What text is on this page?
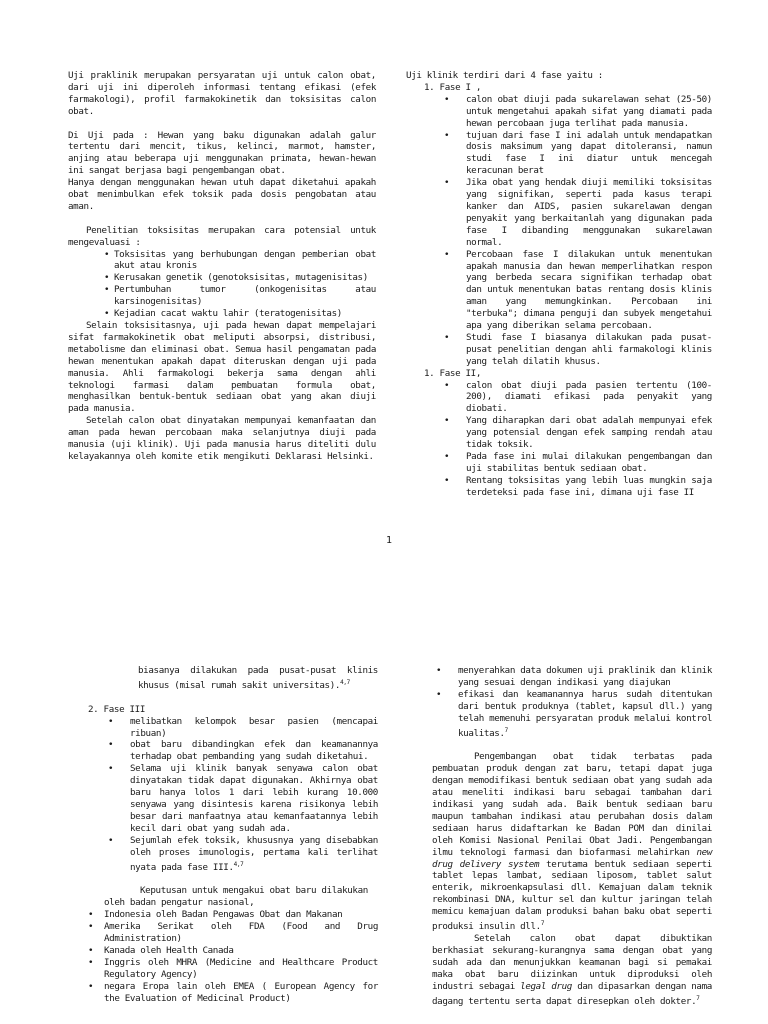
Uji praklinik merupakan persyaratan uji untuk calon obat, dari uji ini diperoleh informasi tentang efikasi (efek farmakologi), profil farmakokinetik dan toksisitas calon obat.

Di Uji pada : Hewan yang baku digunakan adalah galur tertentu dari mencit, tikus, kelinci, marmot, hamster, anjing atau beberapa uji menggunakan primata, hewan-hewan ini sangat berjasa bagi pengembangan obat.

Hanya dengan menggunakan hewan utuh dapat diketahui apakah obat menimbulkan efek toksik pada dosis pengobatan atau aman.

Penelitian toksisitas merupakan cara potensial untuk mengevaluasi :

• Toksisitas yang berhubungan dengan pemberian obat akut atau kronis
• Kerusakan genetik (genotoksisitas, mutagenisitas)
• Pertumbuhan tumor (onkogenisitas atau karsinogenisitas)
• Kejadian cacat waktu lahir (teratogenisitas)

Selain toksisitasnya, uji pada hewan dapat mempelajari sifat farmakokinetik obat meliputi absorpsi, distribusi, metabolisme dan eliminasi obat. Semua hasil pengamatan pada hewan menentukan apakah dapat diteruskan dengan uji pada manusia. Ahli farmakologi bekerja sama dengan ahli teknologi farmasi dalam pembuatan formula obat, menghasilkan bentuk-bentuk sediaan obat yang akan diuji pada manusia.

Setelah calon obat dinyatakan mempunyai kemanfaatan dan aman pada hewan percobaan maka selanjutnya diuji pada manusia (uji klinik). Uji pada manusia harus diteliti dulu kelayakannya oleh komite etik mengikuti Deklarasi Helsinki.

Uji klinik terdiri dari 4 fase yaitu :

1. Fase I ,

• calon obat diuji pada sukarelawan sehat (25-50) untuk mengetahui apakah sifat yang diamati pada hewan percobaan juga terlihat pada manusia.
• tujuan dari fase I ini adalah untuk mendapatkan dosis maksimum yang dapat ditoleransi, namun studi fase I ini diatur untuk mencegah keracunan berat
• Jika obat yang hendak diuji memiliki toksisitas yang signifikan, seperti pada kasus terapi kanker dan AIDS, pasien sukarelawan dengan penyakit yang berkaitanlah yang digunakan pada fase I dibanding menggunakan sukarelawan normal.
• Percobaan fase I dilakukan untuk menentukan apakah manusia dan hewan memperlihatkan respon yang berbeda secara signifikan terhadap obat dan untuk menentukan batas rentang dosis klinis aman yang memungkinkan. Percobaan ini "terbuka"; dimana penguji dan subyek mengetahui apa yang diberikan selama percobaan.
• Studi fase I biasanya dilakukan pada pusat-pusat penelitian dengan ahli farmakologi klinis yang telah dilatih khusus.

1. Fase II,

• calon obat diuji pada pasien tertentu (100-200), diamati efikasi pada penyakit yang diobati.
• Yang diharapkan dari obat adalah mempunyai efek yang potensial dengan efek samping rendah atau tidak toksik.
• Pada fase ini mulai dilakukan pengembangan dan uji stabilitas bentuk sediaan obat.
• Rentang toksisitas yang lebih luas mungkin saja terdeteksi pada fase ini, dimana uji fase II
1

biasanya dilakukan pada pusat-pusat klinis khusus (misal rumah sakit universitas).$^{4,7}$

2. Fase III

• melibatkan kelompok besar pasien (mencapai ribuan)
• obat baru dibandingkan efek dan keamanannya terhadap obat pembanding yang sudah diketahui.
• Selama uji klinik banyak senyawa calon obat dinyatakan tidak dapat digunakan. Akhirnya obat baru hanya lolos 1 dari lebih kurang 10.000 senyawa yang disintesis karena risikonya lebih besar dari manfaatnya atau kemanfaatannya lebih kecil dari obat yang sudah ada.
• Sejumlah efek toksik, khususnya yang disebabkan oleh proses imunologis, pertama kali terlihat nyata pada fase III.$^{4,7}$

Keputusan untuk mengakui obat baru dilakukan oleh badan pengatur nasional,

• Indonesia oleh Badan Pengawas Obat dan Makanan
• Amerika Serikat oleh FDA (Food and Drug Administration)
• Kanada oleh Health Canada
• Inggris oleh MHRA (Medicine and Healthcare Product Regulatory Agency)
• negara Eropa lain oleh EMEA ( European Agency for the Evaluation of Medicinal Product)
• menyerahkan data dokumen uji praklinik dan klinik yang sesuai dengan indikasi yang diajukan
• efikasi dan keamanannya harus sudah ditentukan dari bentuk produknya (tablet, kapsul dll.) yang telah memenuhi persyaratan produk melalui kontrol kualitas.$^7$

Pengembangan obat tidak terbatas pada pembuatan produk dengan zat baru, tetapi dapat juga dengan memodifikasi bentuk sediaan obat yang sudah ada atau meneliti indikasi baru sebagai tambahan dari indikasi yang sudah ada. Baik bentuk sediaan baru maupun tambahan indikasi atau perubahan dosis dalam sediaan harus didaftarkan ke Badan POM dan dinilai oleh Komisi Nasional Penilai Obat Jadi. Pengembangan ilmu teknologi farmasi dan biofarmasi melahirkan new drug delivery system terutama bentuk sediaan seperti tablet lepas lambat, sediaan liposom, tablet salut enterik, mikroenkapsulasi dll. Kemajuan dalam teknik rekombinasi DNA, kultur sel dan kultur jaringan telah memicu kemajuan dalam produksi bahan baku obat seperti produksi insulin dll.$^7$

Setelah calon obat dapat dibuktikan berkhasiat sekurang-kurangnya sama dengan obat yang sudah ada dan menunjukkan keamanan bagi si pemakai maka obat baru diizinkan untuk diproduksi oleh industri sebagai legal drug dan dipasarkan dengan nama dagang tertentu serta dapat diresepkan oleh dokter.$^7$
